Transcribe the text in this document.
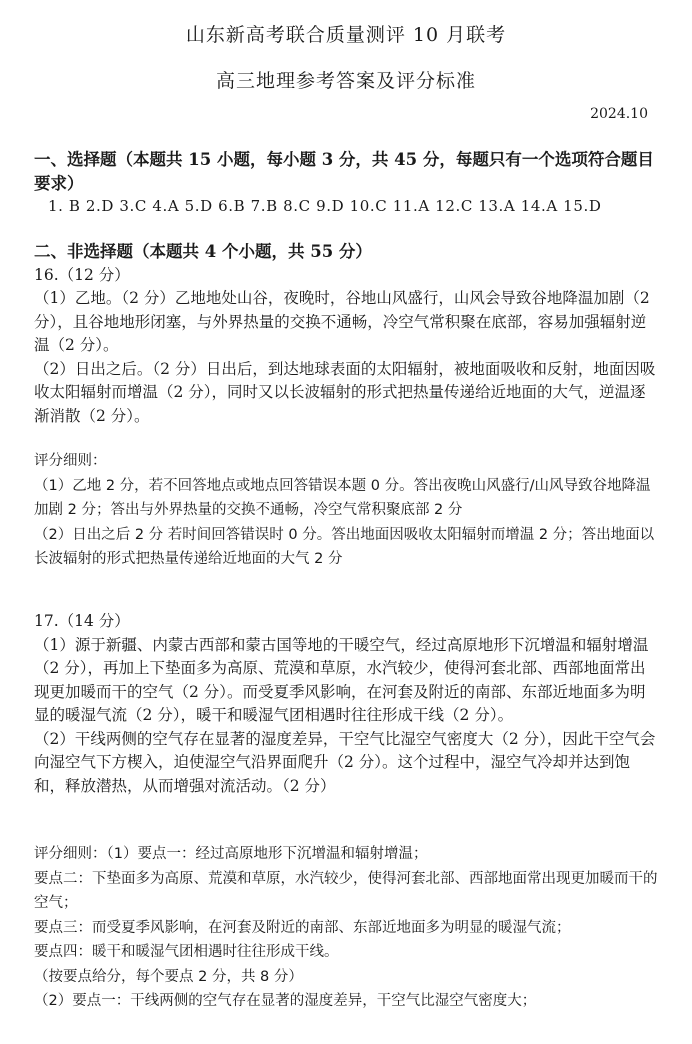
山东新高考联合质量测评 10 月联考
高三地理参考答案及评分标准
2024.10

一、选择题（本题共 15 小题，每小题 3 分，共 45 分，每题只有一个选项符合题目要求）

1. B 2.D 3.C 4.A 5.D 6.B 7.B 8.C 9.D 10.C 11.A 12.C 13.A 14.A 15.D

二、非选择题（本题共 4 个小题，共 55 分）

16.（12 分）

（1）乙地。（2 分）乙地地处山谷，夜晚时，谷地山风盛行，山风会导致谷地降温加剧（2 分），且谷地地形闭塞，与外界热量的交换不通畅，冷空气常积聚在底部，容易加强辐射逆温（2 分）。

（2）日出之后。（2 分）日出后，到达地球表面的太阳辐射，被地面吸收和反射，地面因吸收太阳辐射而增温（2 分），同时又以长波辐射的形式把热量传递给近地面的大气，逆温逐渐消散（2 分）。

评分细则：

（1）乙地 2 分，若不回答地点或地点回答错误本题 0 分。答出夜晚山风盛行/山风导致谷地降温加剧 2 分；答出与外界热量的交换不通畅，冷空气常积聚底部 2 分

（2）日出之后 2 分 若时间回答错误时 0 分。答出地面因吸收太阳辐射而增温 2 分；答出地面以长波辐射的形式把热量传递给近地面的大气 2 分

17.（14 分）

（1）源于新疆、内蒙古西部和蒙古国等地的干暖空气，经过高原地形下沉增温和辐射增温（2 分），再加上下垫面多为高原、荒漠和草原，水汽较少，使得河套北部、西部地面常出现更加暖而干的空气（2 分）。而受夏季风影响，在河套及附近的南部、东部近地面多为明显的暖湿气流（2 分），暖干和暖湿气团相遇时往往形成干线（2 分）。

（2）干线两侧的空气存在显著的湿度差异，干空气比湿空气密度大（2 分），因此干空气会向湿空气下方楔入，迫使湿空气沿界面爬升（2 分）。这个过程中，湿空气冷却并达到饱和，释放潜热，从而增强对流活动。（2 分）

评分细则：（1）要点一：经过高原地形下沉增温和辐射增温；

要点二：下垫面多为高原、荒漠和草原，水汽较少，使得河套北部、西部地面常出现更加暖而干的空气；

要点三：而受夏季风影响，在河套及附近的南部、东部近地面多为明显的暖湿气流；

要点四：暖干和暖湿气团相遇时往往形成干线。

（按要点给分，每个要点 2 分，共 8 分）

（2）要点一：干线两侧的空气存在显著的湿度差异，干空气比湿空气密度大；
